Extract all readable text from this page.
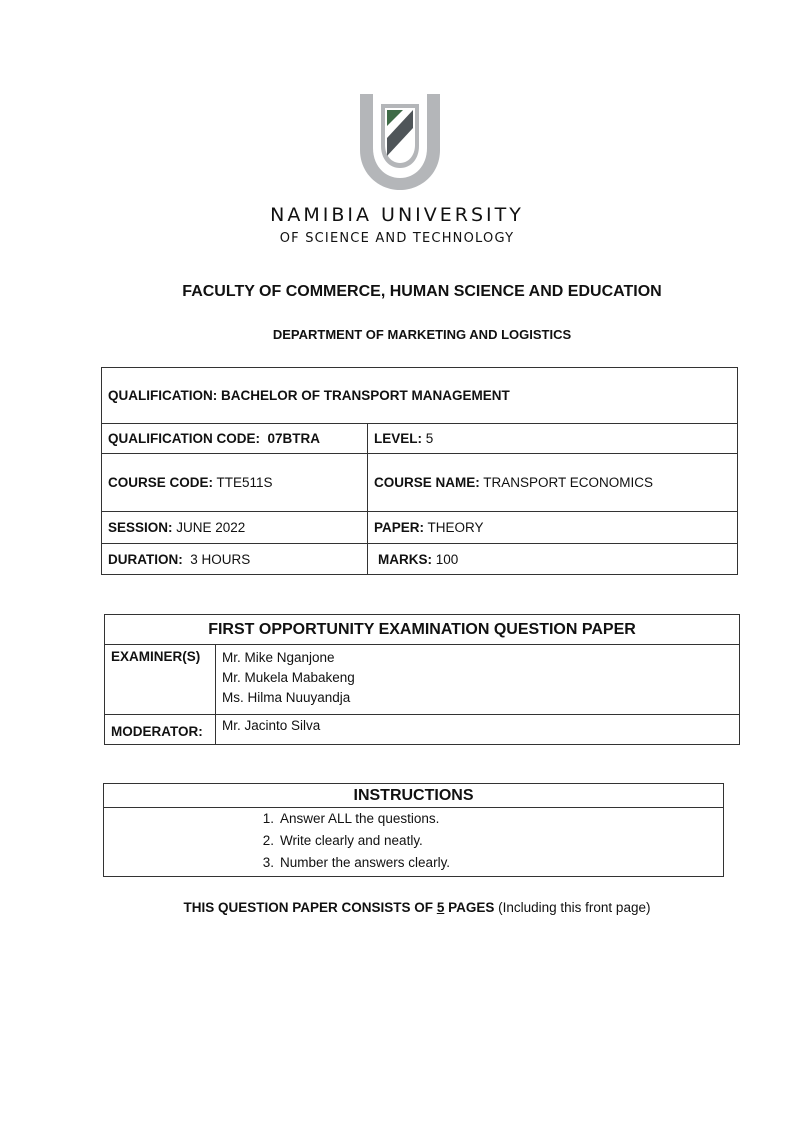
NAMIBIA UNIVERSITY
OF SCIENCE AND TECHNOLOGY
FACULTY OF COMMERCE, HUMAN SCIENCE AND EDUCATION
DEPARTMENT OF MARKETING AND LOGISTICS
QUALIFICATION: BACHELOR OF TRANSPORT MANAGEMENT	
QUALIFICATION CODE: 07BTRA	LEVEL: 5
COURSE CODE: TTE511S	COURSE NAME: TRANSPORT ECONOMICS
SESSION: JUNE 2022	PAPER: THEORY
DURATION: 3 HOURS	MARKS: 100
FIRST OPPORTUNITY EXAMINATION QUESTION PAPER	
EXAMINER(S)	Mr. Mike Nganjone
Mr. Mukela Mabakeng
Ms. Hilma Nuuyandja

MODERATOR:	Mr. Jacinto Silva
INSTRUCTIONS

1. Answer ALL the questions.
2. Write clearly and neatly.
3. Number the answers clearly.
THIS QUESTION PAPER CONSISTS OF 5 PAGES (Including this front page)
